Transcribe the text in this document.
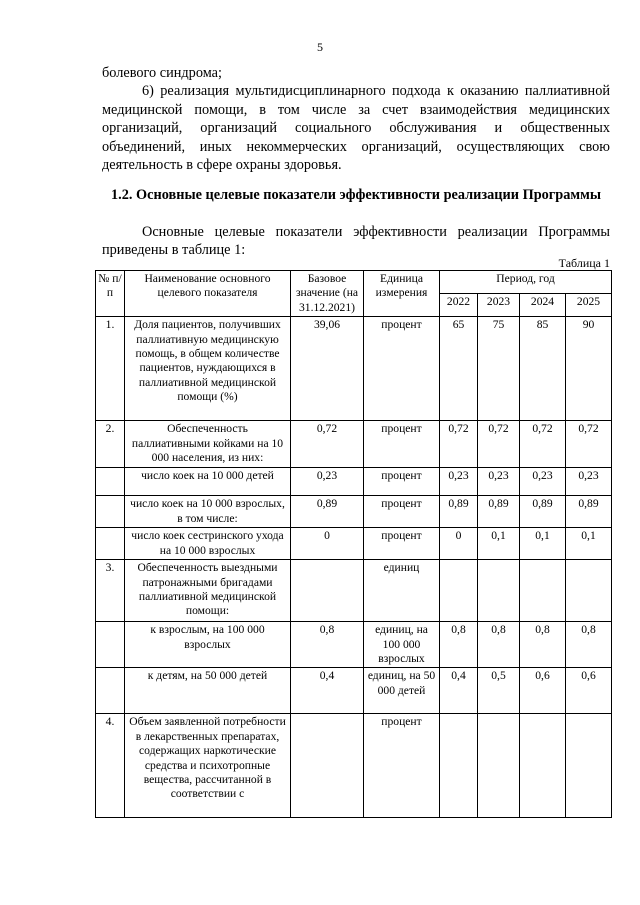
5

болевого синдрома;

6) реализация мультидисциплинарного подхода к оказанию паллиативной медицинской помощи, в том числе за счет взаимодействия медицинских организаций, организаций социального обслуживания и общественных объединений, иных некоммерческих организаций, осуществляющих свою деятельность в сфере охраны здоровья.

1.2. Основные целевые показатели эффективности реализации Программы

Основные целевые показатели эффективности реализации Программы приведены в таблице 1:

Таблица 1
№ п/п	Наименование основного целевого показателя	Базовое значение (на 31.12.2021)	Единица измерения	Период, год			
				2022	2023	2024	2025
1.	Доля пациентов, получивших паллиативную медицинскую помощь, в общем количестве пациентов, нуждающихся в паллиативной медицинской помощи (%)	39,06	процент	65	75	85	90
2.	Обеспеченность паллиативными койками на 10 000 населения, из них:	0,72	процент	0,72	0,72	0,72	0,72
	число коек на 10 000 детей	0,23	процент	0,23	0,23	0,23	0,23
	число коек на 10 000 взрослых, в том числе:	0,89	процент	0,89	0,89	0,89	0,89
	число коек сестринского ухода на 10 000 взрослых	0	процент	0	0,1	0,1	0,1
3.	Обеспеченность выездными патронажными бригадами паллиативной медицинской помощи:		единиц				
	к взрослым, на 100 000 взрослых	0,8	единиц, на 100 000 взрослых	0,8	0,8	0,8	0,8
	к детям, на 50 000 детей	0,4	единиц, на 50 000 детей	0,4	0,5	0,6	0,6
4.	Объем заявленной потребности в лекарственных препаратах, содержащих наркотические средства и психотропные вещества, рассчитанной в соответствии с		процент				
